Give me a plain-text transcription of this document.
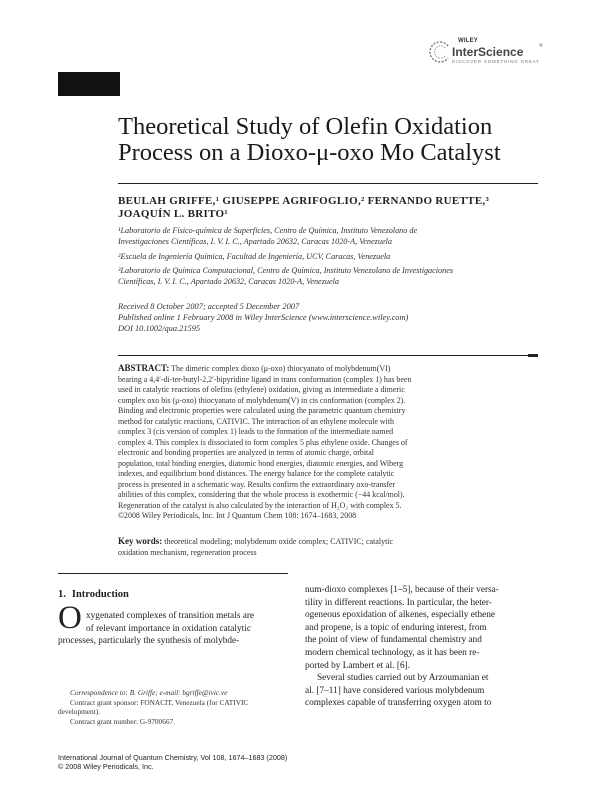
WILEY
InterScience	®
DISCOVER SOMETHING GREAT
Theoretical Study of Olefin Oxidation
Process on a Dioxo-μ-oxo Mo Catalyst
BEULAH GRIFFE,¹ GIUSEPPE AGRIFOGLIO,² FERNANDO RUETTE,³
JOAQUÍN L. BRITO¹
¹Laboratorio de Físico-química de Superficies, Centro de Química, Instituto Venezolano de
Investigaciones Científicas, I. V. I. C., Apartado 20632, Caracas 1020-A, Venezuela
²Escuela de Ingeniería Química, Facultad de Ingeniería, UCV, Caracas, Venezuela
³Laboratorio de Química Computacional, Centro de Química, Instituto Venezolano de Investigaciones
Científicas, I. V. I. C., Apartado 20632, Caracas 1020-A, Venezuela
Received 8 October 2007; accepted 5 December 2007
Published online 1 February 2008 in Wiley InterScience (www.interscience.wiley.com)
DOI 10.1002/qua.21595
ABSTRACT: The dimeric complex dioxo (μ-oxo) thiocyanato of molybdenum(VI)
bearing a 4,4′-di-ter-butyl-2,2′-bipyridine ligand in trans conformation (complex 1) has been
used in catalytic reactions of olefins (ethylene) oxidation, giving as intermediate a dimeric
complex oxo bis (μ-oxo) thiocyanato of molybdenum(V) in cis conformation (complex 2).
Binding and electronic properties were calculated using the parametric quantum chemistry
method for catalytic reactions, CATIVIC. The interaction of an ethylene molecule with
complex 3 (cis version of complex 1) leads to the formation of the intermediate named
complex 4. This complex is dissociated to form complex 5 plus ethylene oxide. Changes of
electronic and bonding properties are analyzed in terms of atomic charge, orbital
population, total binding energies, diatomic bond energies, diatomic energies, and Wiberg
indexes, and equilibrium bond distances. The energy balance for the complete catalytic
process is presented in a schematic way. Results confirm the extraordinary oxo-transfer
abilities of this complex, considering that the whole process is exothermic (−44 kcal/mol).
Regeneration of the catalyst is also calculated by the interaction of H₂O₂ with complex 5.
©2008 Wiley Periodicals, Inc. Int J Quantum Chem 108: 1674–1683, 2008
Key words: theoretical modeling; molybdenum oxide complex; CATIVIC; catalytic
oxidation mechanism, regeneration process
1. Introduction
O xygenated complexes of transition metals are
of relevant importance in oxidation catalytic
processes, particularly the synthesis of molybde-

num-dioxo complexes [1–5], because of their versa-
tility in different reactions. In particular, the heter-
ogeneous epoxidation of alkenes, especially ethene
and propene, is a topic of enduring interest, from
the point of view of fundamental chemistry and
modern chemical technology, as it has been re-
ported by Lambert et al. [6].

Several studies carried out by Arzoumanian et
al. [7–11] have considered various molybdenum
complexes capable of transferring oxygen atom to

Correspondence to: B. Griffe; e-mail: bgriffe@ivic.ve

Contract grant sponsor: FONACIT, Venezuela (for CATIVIC
development).

Contract grant number: G-9700667.

International Journal of Quantum Chemistry, Vol 108, 1674–1683 (2008)
© 2008 Wiley Periodicals, Inc.
